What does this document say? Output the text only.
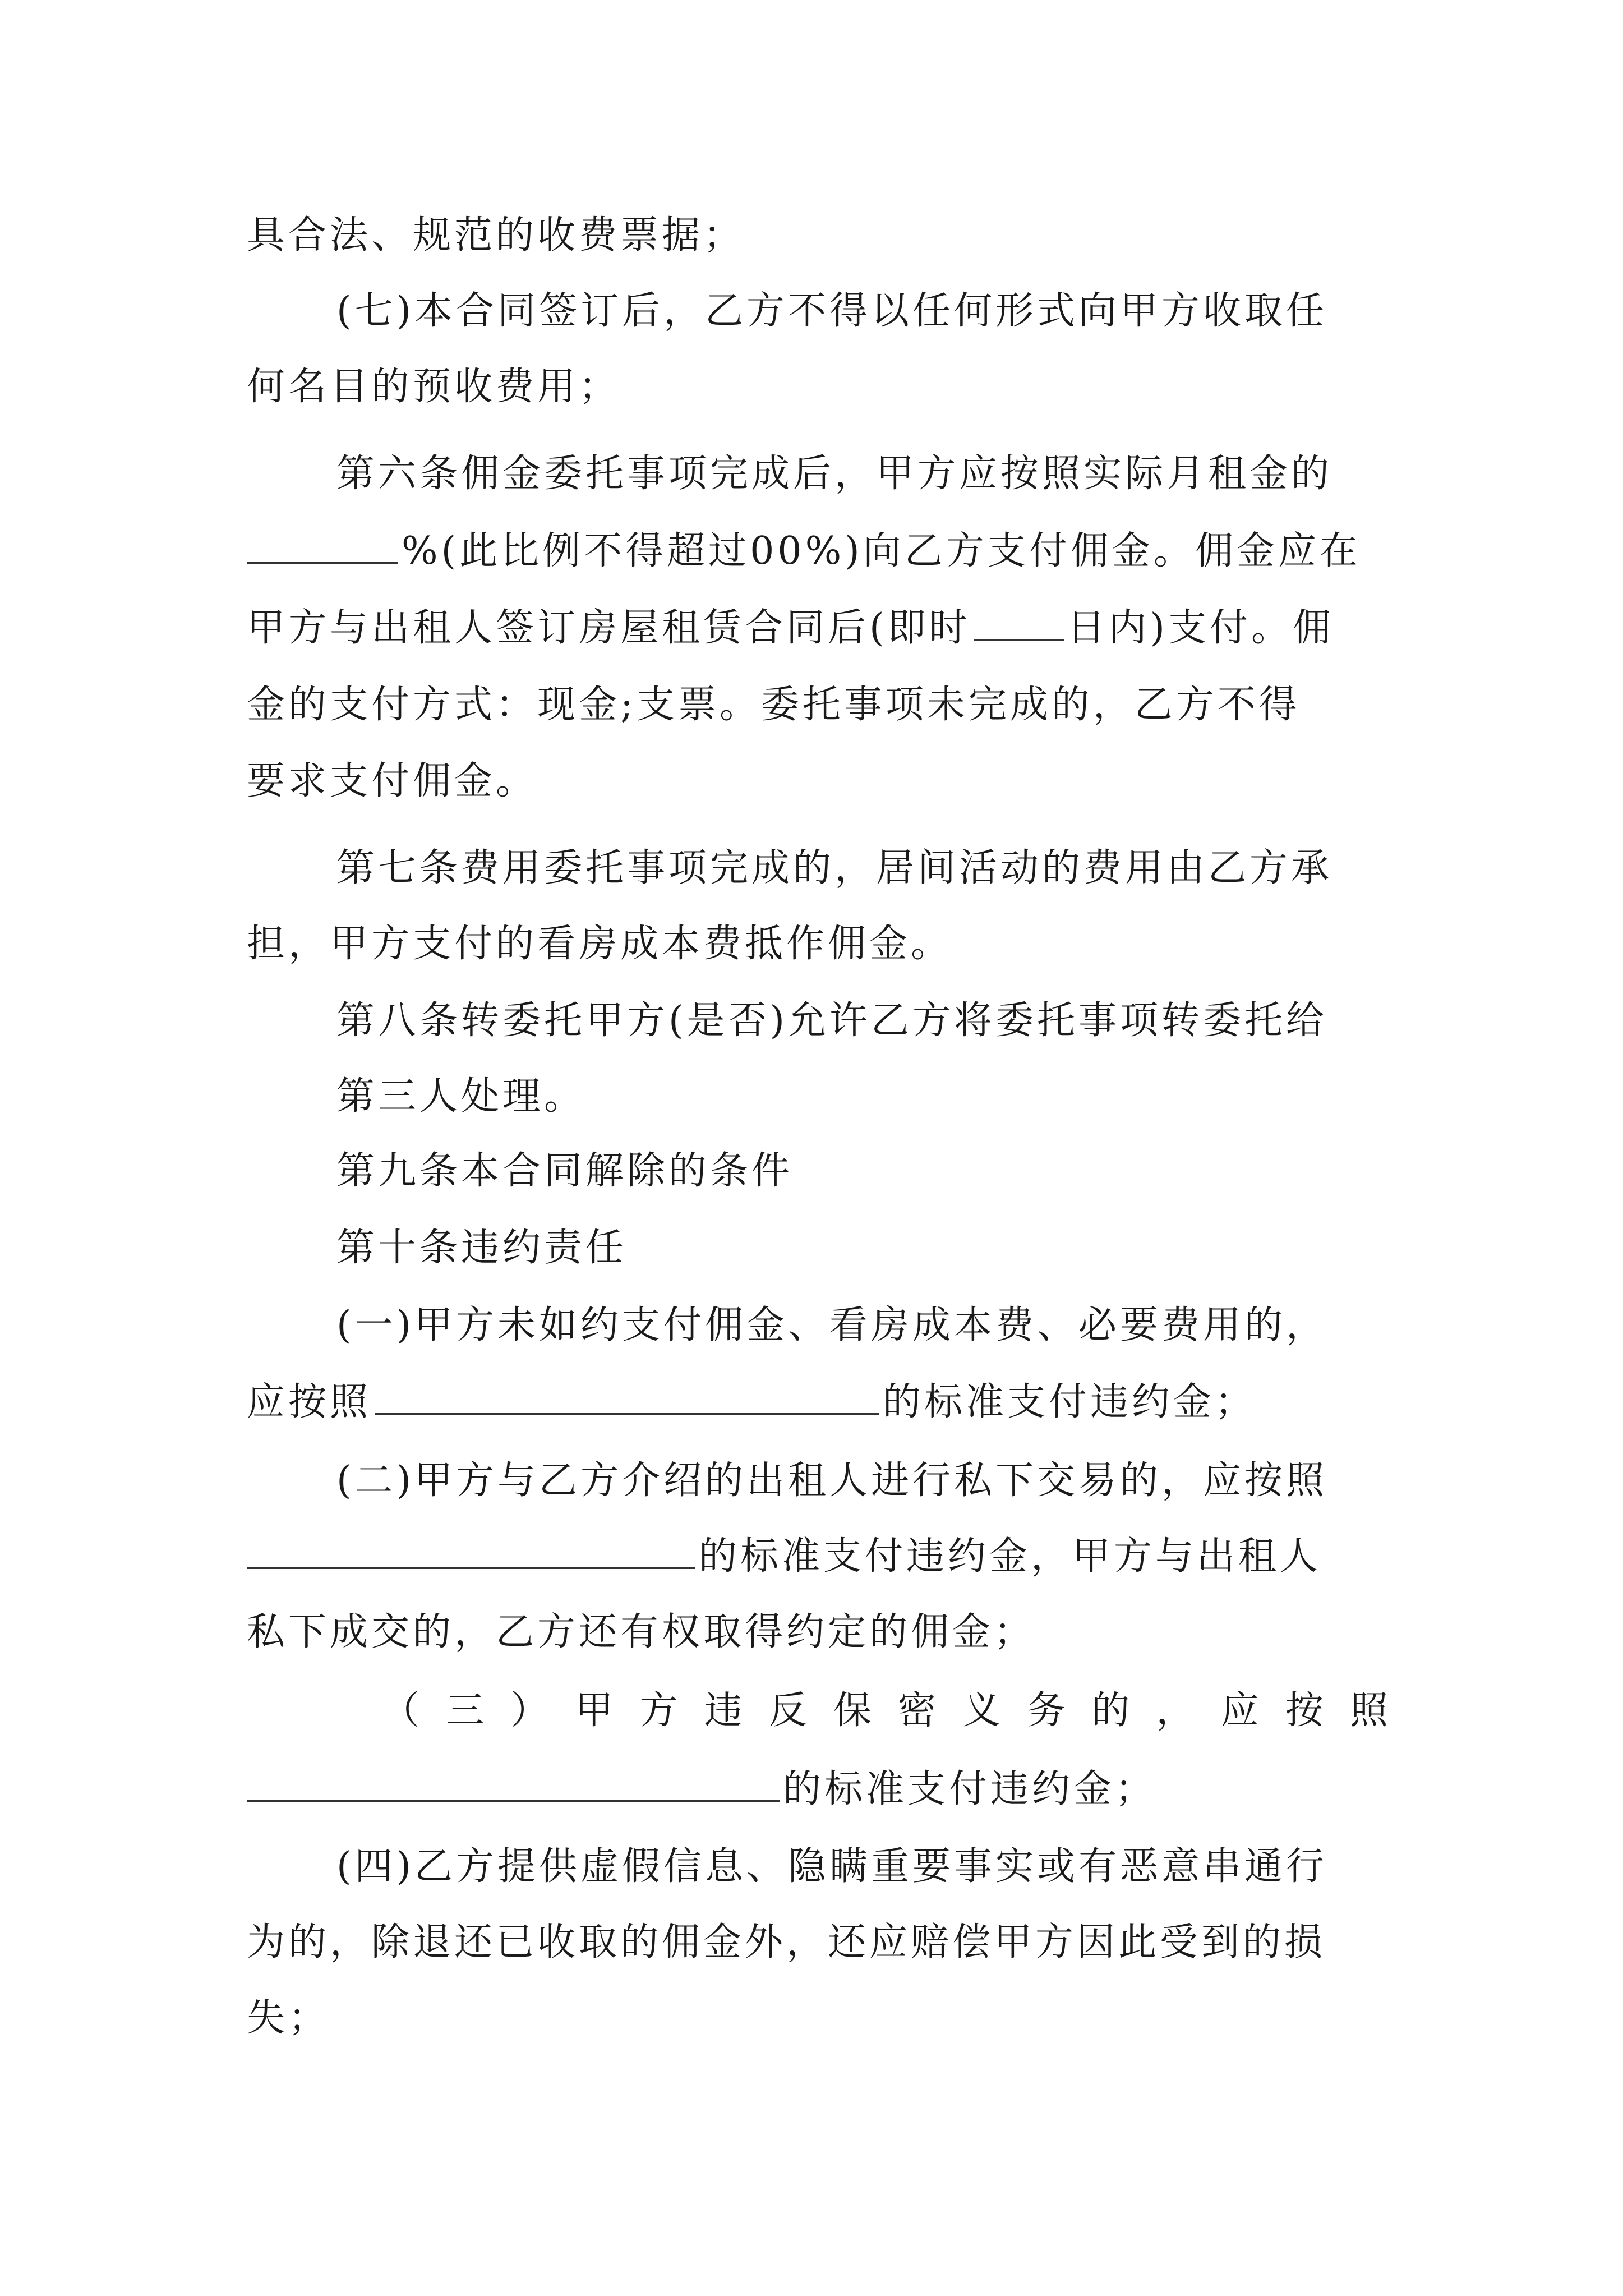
具合法、规范的收费票据；
(七)本合同签订后，乙方不得以任何形式向甲方收取任
何名目的预收费用；
第六条佣金委托事项完成后，甲方应按照实际月租金的
%(此比例不得超过00%)向乙方支付佣金。佣金应在
甲方与出租人签订房屋租赁合同后(即时	日内)支付。佣
金的支付方式：现金;支票。委托事项未完成的，乙方不得
要求支付佣金。
第七条费用委托事项完成的，居间活动的费用由乙方承
担，甲方支付的看房成本费抵作佣金。
第八条转委托甲方(是否)允许乙方将委托事项转委托给
第三人处理。
第九条本合同解除的条件
第十条违约责任
(一)甲方未如约支付佣金、看房成本费、必要费用的，
应按照	的标准支付违约金；
(二)甲方与乙方介绍的出租人进行私下交易的，应按照
的标准支付违约金，甲方与出租人
私下成交的，乙方还有权取得约定的佣金；
（ 三 ） 甲 方 违 反 保 密 义 务 的 ， 应 按 照
的标准支付违约金；
(四)乙方提供虚假信息、隐瞒重要事实或有恶意串通行
为的，除退还已收取的佣金外，还应赔偿甲方因此受到的损
失；
